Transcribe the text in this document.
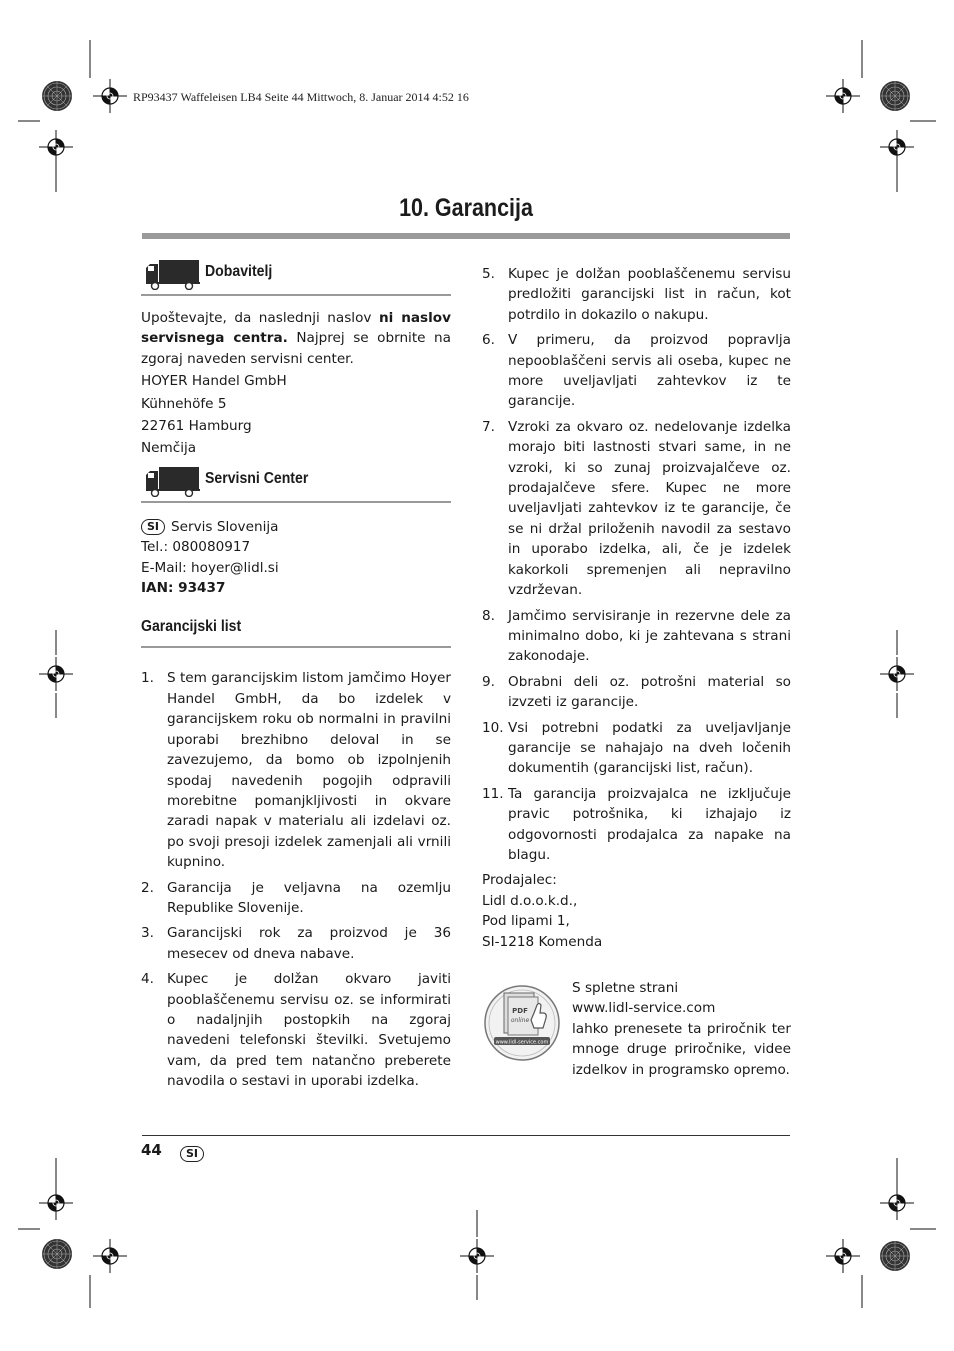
RP93437 Waffeleisen LB4 Seite 44 Mittwoch, 8. Januar 2014 4:52 16
10. Garancija
Dobavitelj

Upoštevajte, da naslednji naslov ni naslov servisnega centra. Najprej se obrnite na zgoraj naveden servisni center.

HOYER Handel GmbH

Kühnehöfe 5

22761 Hamburg

Nemčija

Servisni Center

SI Servis Slovenija

Tel.: 080080917

E-Mail: hoyer@lidl.si

IAN: 93437

Garancijski list
1. S tem garancijskim listom jamčimo Hoyer Handel GmbH, da bo izdelek v garancijskem roku ob normalni in pravilni uporabi brezhibno deloval in se zavezujemo, da bomo ob izpolnjenih spodaj navedenih pogojih odpravili morebitne pomanjkljivosti in okvare zaradi napak v materialu ali izdelavi oz. po svoji presoji izdelek zamenjali ali vrnili kupnino.
2. Garancija je veljavna na ozemlju Republike Slovenije.
3. Garancijski rok za proizvod je 36 mesecev od dneva nabave.
4. Kupec je dolžan okvaro javiti pooblaščenemu servisu oz. se informirati o nadaljnjih postopkih na zgoraj navedeni telefonski številki. Svetujemo vam, da pred tem natančno preberete navodila o sestavi in uporabi izdelka.
5. Kupec je dolžan pooblaščenemu servisu predložiti garancijski list in račun, kot potrdilo in dokazilo o nakupu.
6. V primeru, da proizvod popravlja nepooblaščeni servis ali oseba, kupec ne more uveljavljati zahtevkov iz te garancije.
7. Vzroki za okvaro oz. nedelovanje izdelka morajo biti lastnosti stvari same, in ne vzroki, ki so zunaj proizvajalčeve oz. prodajalčeve sfere. Kupec ne more uveljavljati zahtevkov iz te garancije, če se ni držal priloženih navodil za sestavo in uporabo izdelka, ali, če je izdelek kakorkoli spremenjen ali nepravilno vzdrževan.
8. Jamčimo servisiranje in rezervne dele za minimalno dobo, ki je zahtevana s strani zakonodaje.
9. Obrabni deli oz. potrošni material so izvzeti iz garancije.
10. Vsi potrebni podatki za uveljavljanje garancije se nahajajo na dveh ločenih dokumentih (garancijski list, račun).
11. Ta garancija proizvajalca ne izključuje pravic potrošnika, ki izhajajo iz odgovornosti prodajalca za napake na blagu.

Prodajalec:

Lidl d.o.o.k.d.,

Pod lipami 1,

SI-1218 Komenda

www.lidl-service.com
PDF
online

S spletne strani

www.lidl-service.com

lahko prenesete ta priročnik ter mnoge druge priročnike, videe izdelkov in programsko opremo.

44	SI
